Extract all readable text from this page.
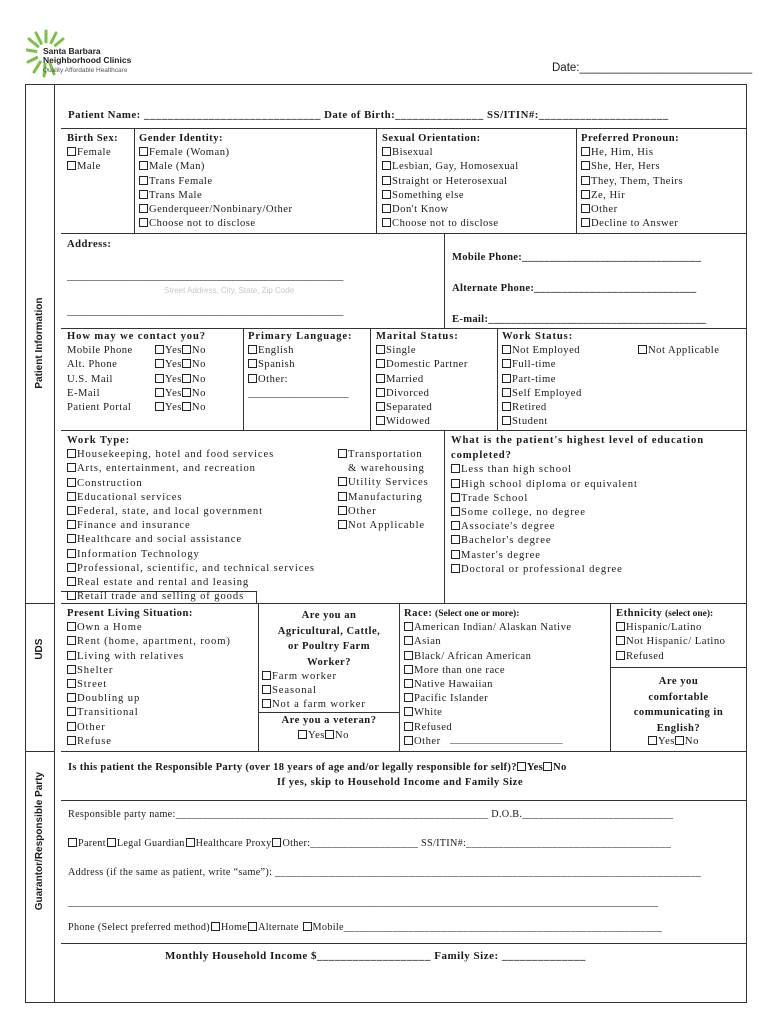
Santa Barbara
Neighborhood Clinics
Quality Affordable Healthcare	Date:___________________________
Patient Information
UDS
Guarantor/Responsible Party
Patient Name: ______________________________ Date of Birth:_______________ SS/ITIN#:______________________
Birth Sex:
Female
Male
Gender Identity:
Female (Woman)
Male (Man)
Trans Female
Trans Male
Genderqueer/Nonbinary/Other
Choose not to disclose
Sexual Orientation:
Bisexual
Lesbian, Gay, Homosexual
Straight or Heterosexual
Something else
Don't Know
Choose not to disclose
Preferred Pronoun:
He, Him, His
She, Her, Hers
They, Them, Theirs
Ze, Hir
Other
Decline to Answer
Address:
____________________________________________________________
Street Address, City, State, Zip Code
____________________________________________________________
Mobile Phone:________________________________
Alternate Phone:_____________________________
E-mail:_______________________________________
How may we contact you?
Mobile Phone	Yes No
Alt. Phone	Yes No
U.S. Mail	Yes No
E-Mail	Yes No
Patient Portal	Yes No
Primary Language:
English
Spanish
Other:
___________________
Marital Status:
Single
Domestic Partner
Married
Divorced
Separated
Widowed
Work Status:
Not Employed
Full-time
Part-time
Self Employed
Retired
Student
Not Applicable
Work Type:
Housekeeping, hotel and food services
Arts, entertainment, and recreation
Construction
Educational services
Federal, state, and local government
Finance and insurance
Healthcare and social assistance
Information Technology
Professional, scientific, and technical services
Real estate and rental and leasing
Retail trade and selling of goods
Transportation
& warehousing
Utility Services
Manufacturing
Other
Not Applicable
What is the patient's highest level of education
completed?
Less than high school
High school diploma or equivalent
Trade School
Some college, no degree
Associate's degree
Bachelor's degree
Master's degree
Doctoral or professional degree
Present Living Situation:
Own a Home
Rent (home, apartment, room)
Living with relatives
Shelter
Street
Doubling up
Transitional
Other
Refuse
Are you an
Agricultural, Cattle,
or Poultry Farm
Worker?
Farm worker
Seasonal
Not a farm worker
Are you a veteran?
Yes No
Race: (Select one or more):
American Indian/ Alaskan Native
Asian
Black/ African American
More than one race
Native Hawaiian
Pacific Islander
White
Refused
Other	_________________________
Ethnicity (select one):
Hispanic/Latino
Not Hispanic/ Latino
Refused
Are you
comfortable
communicating in
English?
Yes No
Is this patient the Responsible Party (over 18 years of age and/or legally responsible for self)? Yes No
If yes, skip to Household Income and Family Size
Responsible party name:__________________________________________________________ D.O.B.____________________________
Parent Legal Guardian Healthcare Proxy Other:____________________ SS/ITIN#:______________________________________
Address (if the same as patient, write “same”): _______________________________________________________________________________
___________________________________________________________________________________________________________________________
Phone (Select preferred method) Home Alternate Mobile___________________________________________________________
Monthly Household Income $___________________ Family Size: ______________
